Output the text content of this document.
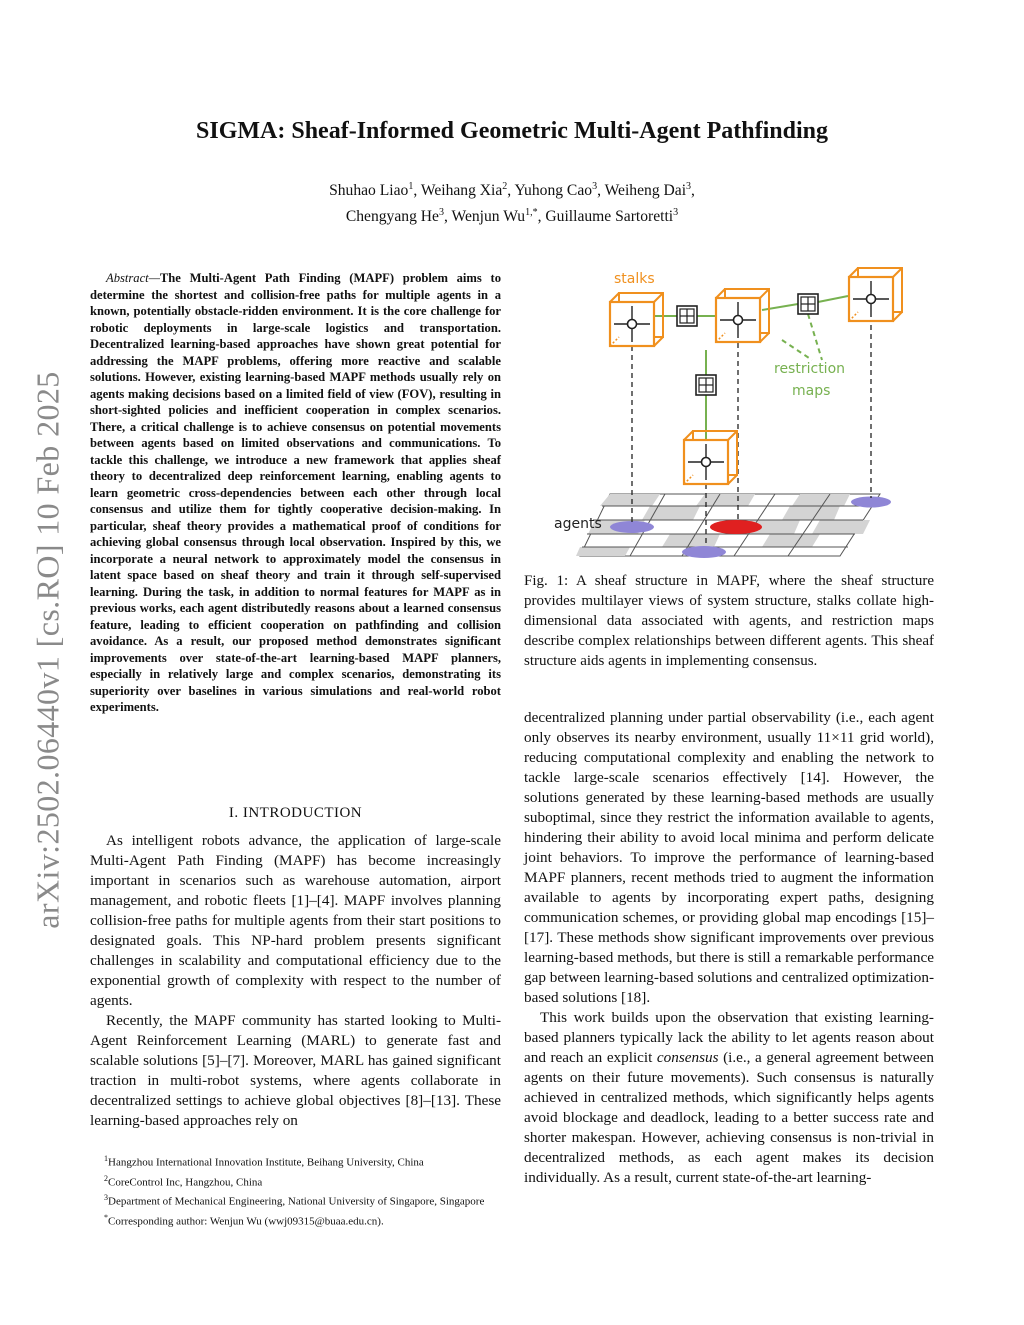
arXiv:2502.06440v1 [cs.RO] 10 Feb 2025
SIGMA: Sheaf-Informed Geometric Multi-Agent Pathfinding
Shuhao Liao$^1$, Weihang Xia$^2$, Yuhong Cao$^3$, Weiheng Dai$^3$,
Chengyang He$^3$, Wenjun $Wu^{1,*}$, Guillaume Sartoretti$^3$
Abstract—The Multi-Agent Path Finding (MAPF) problem aims to determine the shortest and collision-free paths for multiple agents in a known, potentially obstacle-ridden environment. It is the core challenge for robotic deployments in large-scale logistics and transportation. Decentralized learning-based approaches have shown great potential for addressing the MAPF problems, offering more reactive and scalable solutions. However, existing learning-based MAPF methods usually rely on agents making decisions based on a limited field of view (FOV), resulting in short-sighted policies and inefficient cooperation in complex scenarios. There, a critical challenge is to achieve consensus on potential movements between agents based on limited observations and communications. To tackle this challenge, we introduce a new framework that applies sheaf theory to decentralized deep reinforcement learning, enabling agents to learn geometric cross-dependencies between each other through local consensus and utilize them for tightly cooperative decision-making. In particular, sheaf theory provides a mathematical proof of conditions for achieving global consensus through local observation. Inspired by this, we incorporate a neural network to approximately model the consensus in latent space based on sheaf theory and train it through self-supervised learning. During the task, in addition to normal features for MAPF as in previous works, each agent distributedly reasons about a learned consensus feature, leading to efficient cooperation on pathfinding and collision avoidance. As a result, our proposed method demonstrates significant improvements over state-of-the-art learning-based MAPF planners, especially in relatively large and complex scenarios, demonstrating its superiority over baselines in various simulations and real-world robot experiments.
I. INTRODUCTION

As intelligent robots advance, the application of large-scale Multi-Agent Path Finding (MAPF) has become increasingly important in scenarios such as warehouse automation, airport management, and robotic fleets [1]–[4]. MAPF involves planning collision-free paths for multiple agents from their start positions to designated goals. This NP-hard problem presents significant challenges in scalability and computational efficiency due to the exponential growth of complexity with respect to the number of agents.

Recently, the MAPF community has started looking to Multi-Agent Reinforcement Learning (MARL) to generate fast and scalable solutions [5]–[7]. Moreover, MARL has gained significant traction in multi-robot systems, where agents collaborate in decentralized settings to achieve global objectives [8]–[13]. These learning-based approaches rely on

$^1$Hangzhou International Innovation Institute, Beihang University, China
$^2$CoreControl Inc, Hangzhou, China
$^3$Department of Mechanical Engineering, National University of Singapore, Singapore
*Corresponding author: Wenjun Wu (wwj09315@buaa.edu.cn).
stalks
restriction
maps
agents
Fig. 1: A sheaf structure in MAPF, where the sheaf structure provides multilayer views of system structure, stalks collate high-dimensional data associated with agents, and restriction maps describe complex relationships between different agents. This sheaf structure aids agents in implementing consensus.

decentralized planning under partial observability (i.e., each agent only observes its nearby environment, usually 11×11 grid world), reducing computational complexity and enabling the network to tackle large-scale scenarios effectively [14]. However, the solutions generated by these learning-based methods are usually suboptimal, since they restrict the information available to agents, hindering their ability to avoid local minima and perform delicate joint behaviors. To improve the performance of learning-based MAPF planners, recent methods tried to augment the information available to agents by incorporating expert paths, designing communication schemes, or providing global map encodings [15]–[17]. These methods show significant improvements over previous learning-based methods, but there is still a remarkable performance gap between learning-based solutions and centralized optimization-based solutions [18].

This work builds upon the observation that existing learning-based planners typically lack the ability to let agents reason about and reach an explicit consensus (i.e., a general agreement between agents on their future movements). Such consensus is naturally achieved in centralized methods, which significantly helps agents avoid blockage and deadlock, leading to a better success rate and shorter makespan. However, achieving consensus is non-trivial in decentralized methods, as each agent makes its decision individually. As a result, current state-of-the-art learning-
